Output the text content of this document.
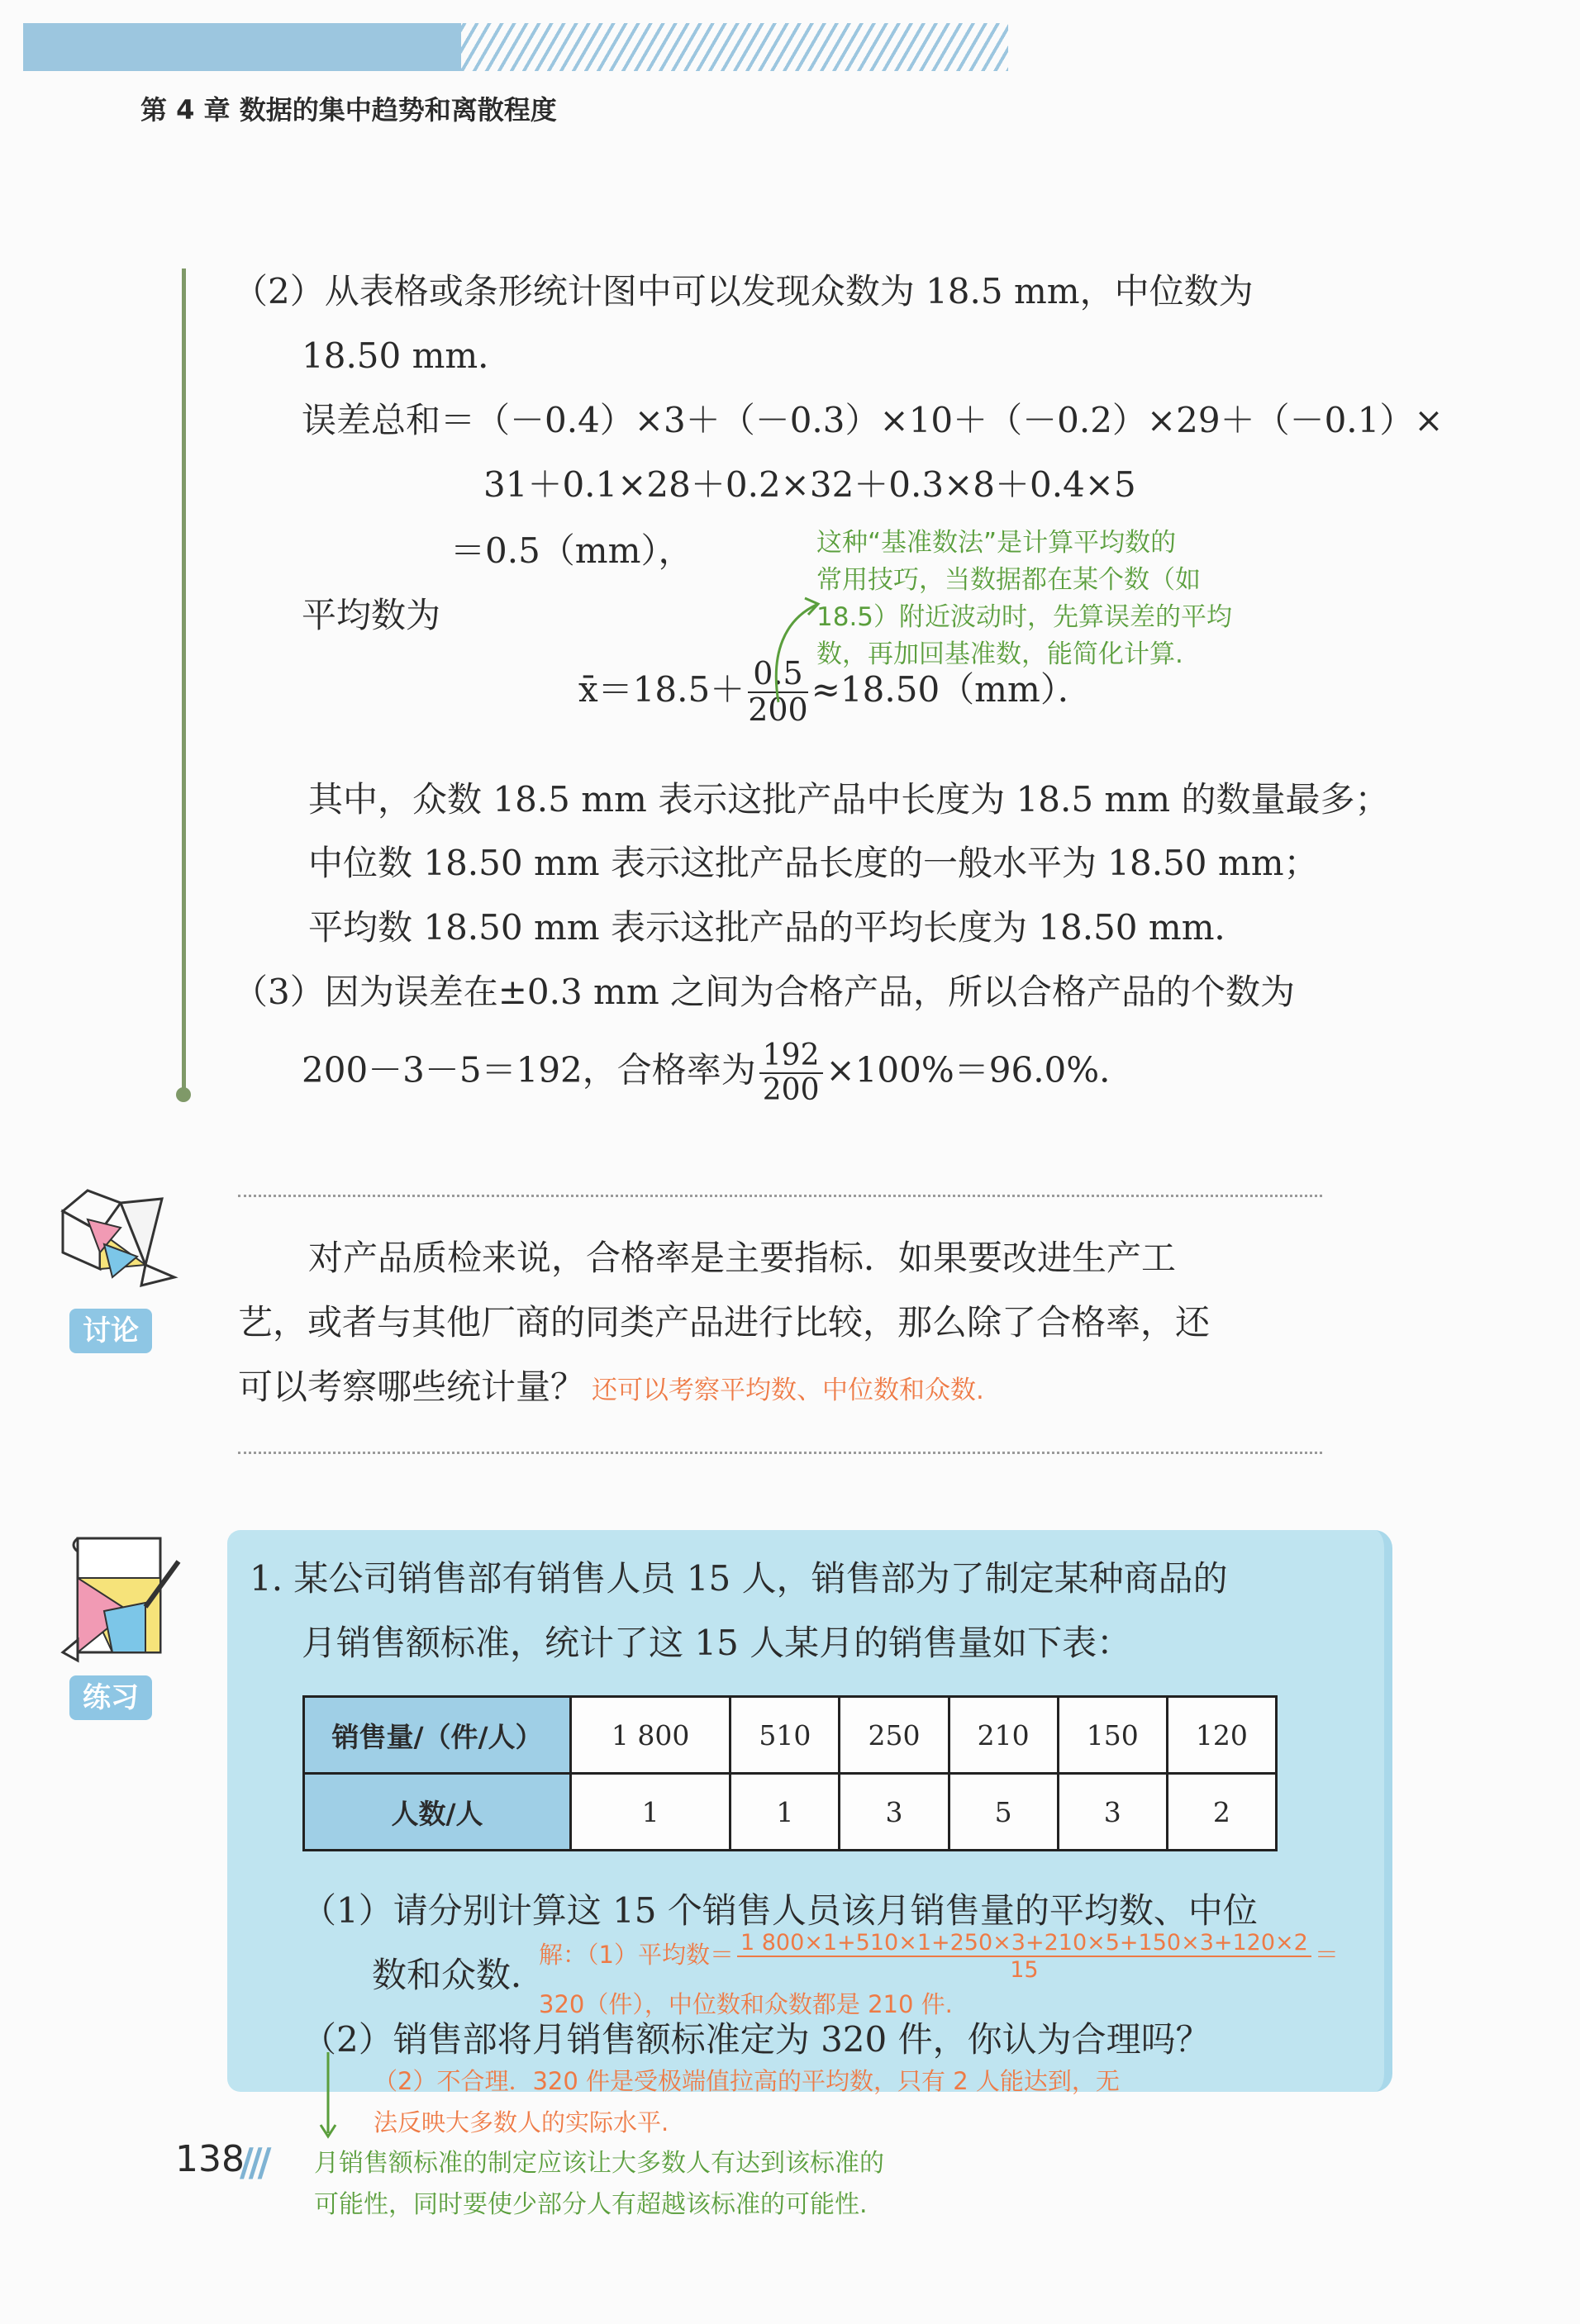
第 4 章 数据的集中趋势和离散程度
（2）从表格或条形统计图中可以发现众数为 18.5 mm，中位数为
18.50 mm．
误差总和＝（－0.4）×3＋（－0.3）×10＋（－0.2）×29＋（－0.1）×
31＋0.1×28＋0.2×32＋0.3×8＋0.4×5
＝0.5（mm），
平均数为
x̄＝18.5＋ $\frac{0.5}{200} \approx 18.50(mm)$．
这种“基准数法”是计算平均数的
常用技巧，当数据都在某个数（如
18.5）附近波动时，先算误差的平均
数，再加回基准数，能简化计算.
其中，众数 18.5 mm 表示这批产品中长度为 18.5 mm 的数量最多；
中位数 18.50 mm 表示这批产品长度的一般水平为 18.50 mm；
平均数 18.50 mm 表示这批产品的平均长度为 18.50 mm．
（3）因为误差在±0.3 mm 之间为合格产品，所以合格产品的个数为
200－3－5＝192，合格率为 $\frac{192}{200} \times 100\%=96.0\%$．
讨论
对产品质检来说，合格率是主要指标．如果要改进生产工
艺，或者与其他厂商的同类产品进行比较，那么除了合格率，还
可以考察哪些统计量？ 还可以考察平均数、中位数和众数.
练习
1. 某公司销售部有销售人员 15 人，销售部为了制定某种商品的
月销售额标准，统计了这 15 人某月的销售量如下表：
销售量/（件/人）	1 800	510	250	210	150	120
人数/人	1	1	3	5	3	2
（1）请分别计算这 15 个销售人员该月销售量的平均数、中位
数和众数．
解：（1）平均数＝ $\frac{1 800\times 1+510\times 1+250\times 3+210\times 5+150\times 3+120\times 2}{15}$ ＝
320（件），中位数和众数都是 210 件.
（2）销售部将月销售额标准定为 320 件，你认为合理吗？
（2）不合理．320 件是受极端值拉高的平均数，只有 2 人能达到，无
法反映大多数人的实际水平.
月销售额标准的制定应该让大多数人有达到该标准的
可能性，同时要使少部分人有超越该标准的可能性.
138
///
